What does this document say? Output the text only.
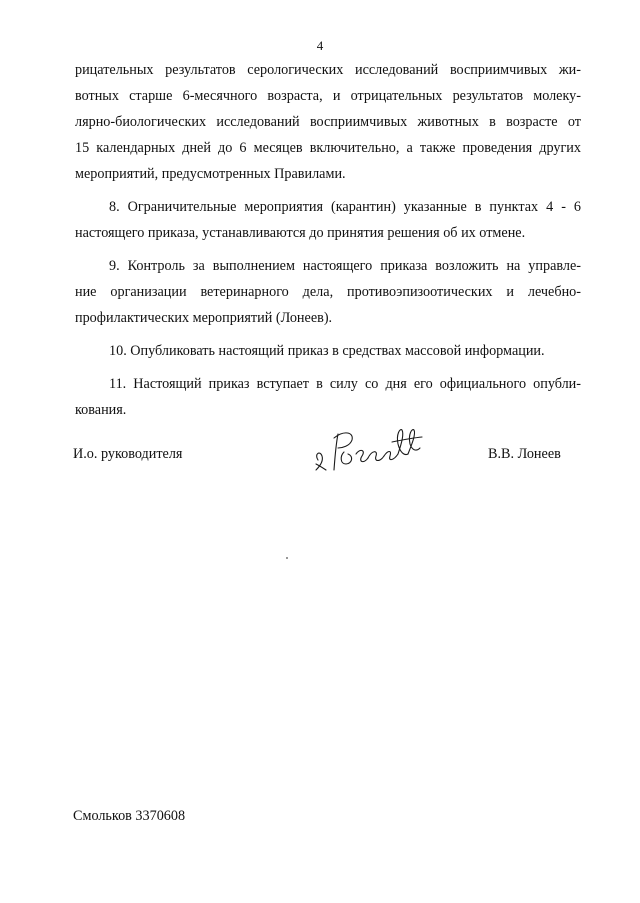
4

рицательных результатов серологических исследований восприимчивых жи-
вотных старше 6-месячного возраста, и отрицательных результатов молеку-
лярно-биологических исследований восприимчивых животных в возрасте от
15 календарных дней до 6 месяцев включительно, а также проведения других
мероприятий, предусмотренных Правилами.

8. Ограничительные мероприятия (карантин) указанные в пунктах 4 - 6
настоящего приказа, устанавливаются до принятия решения об их отмене.

9. Контроль за выполнением настоящего приказа возложить на управле-
ние организации ветеринарного дела, противоэпизоотических и лечебно-
профилактических мероприятий (Лонеев).

10. Опубликовать настоящий приказ в средствах массовой информации.

11. Настоящий приказ вступает в силу со дня его официального опубли-
кования.

И.о. руководителя	В.В. Лонеев
Смольков 3370608
